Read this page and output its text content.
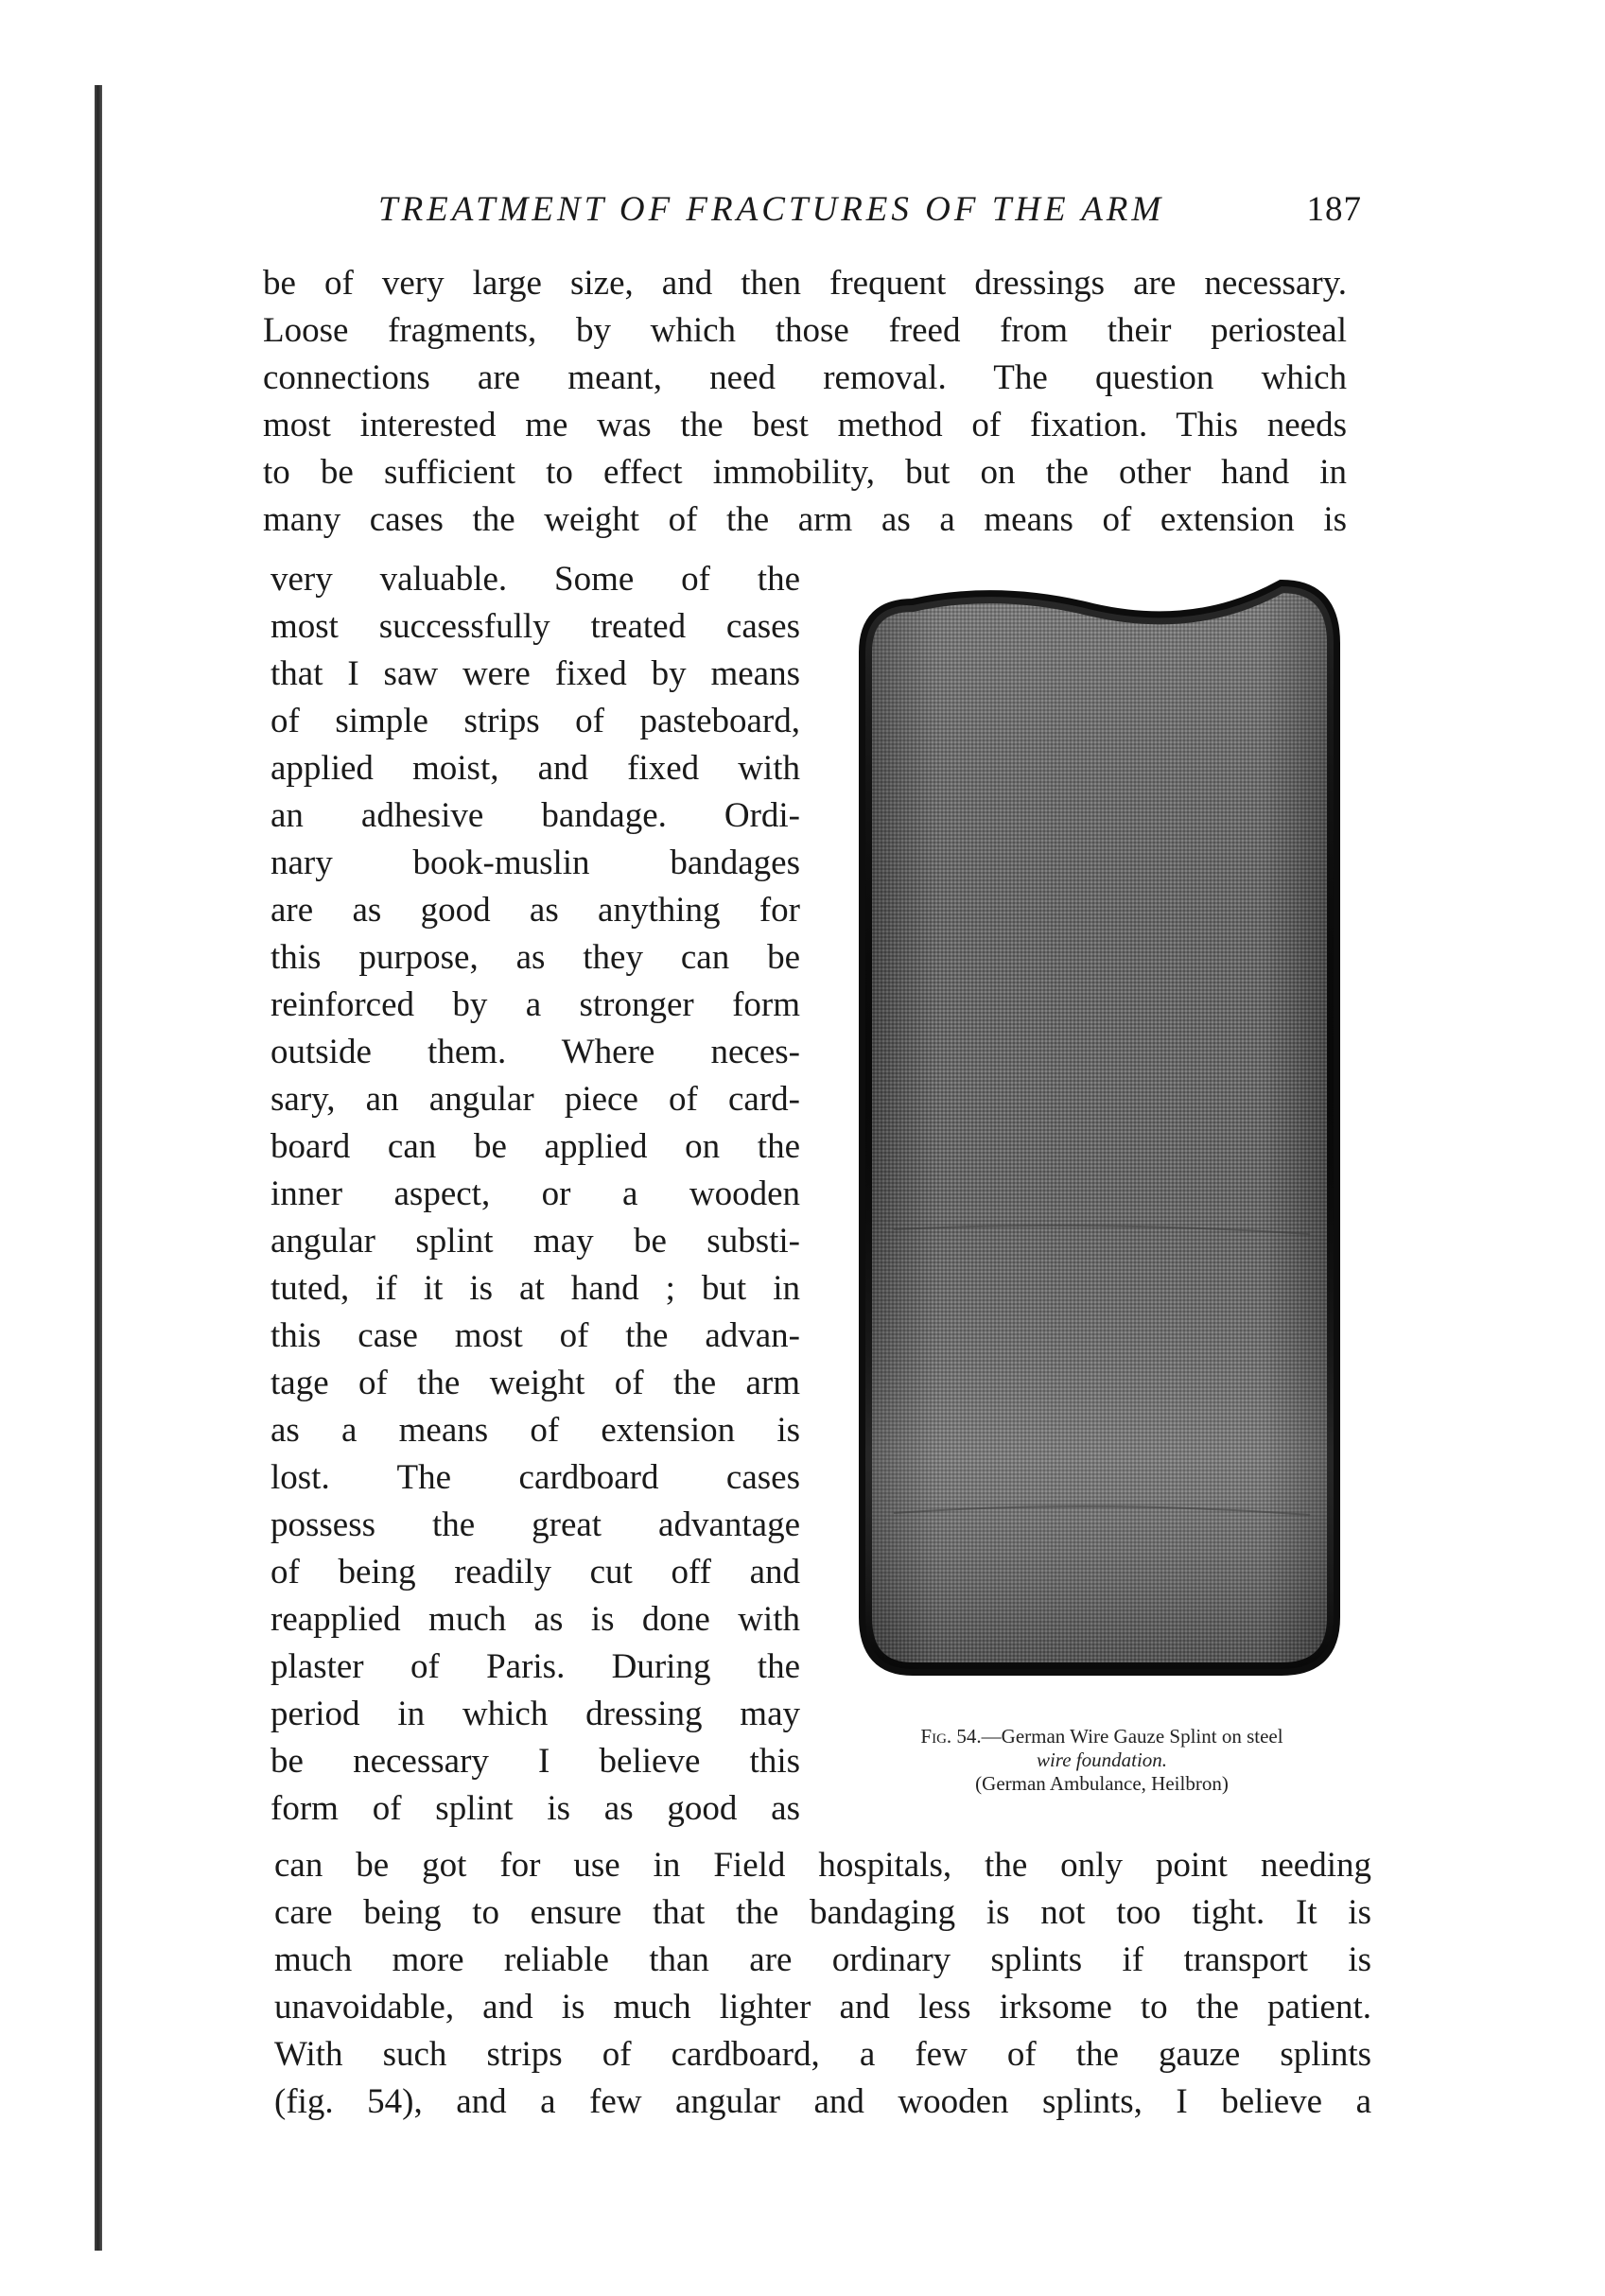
TREATMENT OF FRACTURES OF THE ARM	187
be of very large size, and then frequent dressings are necessary.
Loose fragments, by which those freed from their periosteal
connections are meant, need removal. The question which
most interested me was the best method of fixation. This needs
to be sufficient to effect immobility, but on the other hand in
many cases the weight of the arm as a means of extension is
very valuable. Some of the
most successfully treated cases
that I saw were fixed by means
of simple strips of pasteboard,
applied moist, and fixed with
an adhesive bandage. Ordi-
nary book-muslin bandages
are as good as anything for
this purpose, as they can be
reinforced by a stronger form
outside them. Where neces-
sary, an angular piece of card-
board can be applied on the
inner aspect, or a wooden
angular splint may be substi-
tuted, if it is at hand ; but in
this case most of the advan-
tage of the weight of the arm
as a means of extension is
lost. The cardboard cases
possess the great advantage
of being readily cut off and
reapplied much as is done with
plaster of Paris. During the
period in which dressing may
be necessary I believe this
form of splint is as good as
can be got for use in Field hospitals, the only point needing
care being to ensure that the bandaging is not too tight. It is
much more reliable than are ordinary splints if transport is
unavoidable, and is much lighter and less irksome to the patient.
With such strips of cardboard, a few of the gauze splints
(fig. 54), and a few angular and wooden splints, I believe a
Fig. 54.—German Wire Gauze Splint on steel
wire foundation.
(German Ambulance, Heilbron)
